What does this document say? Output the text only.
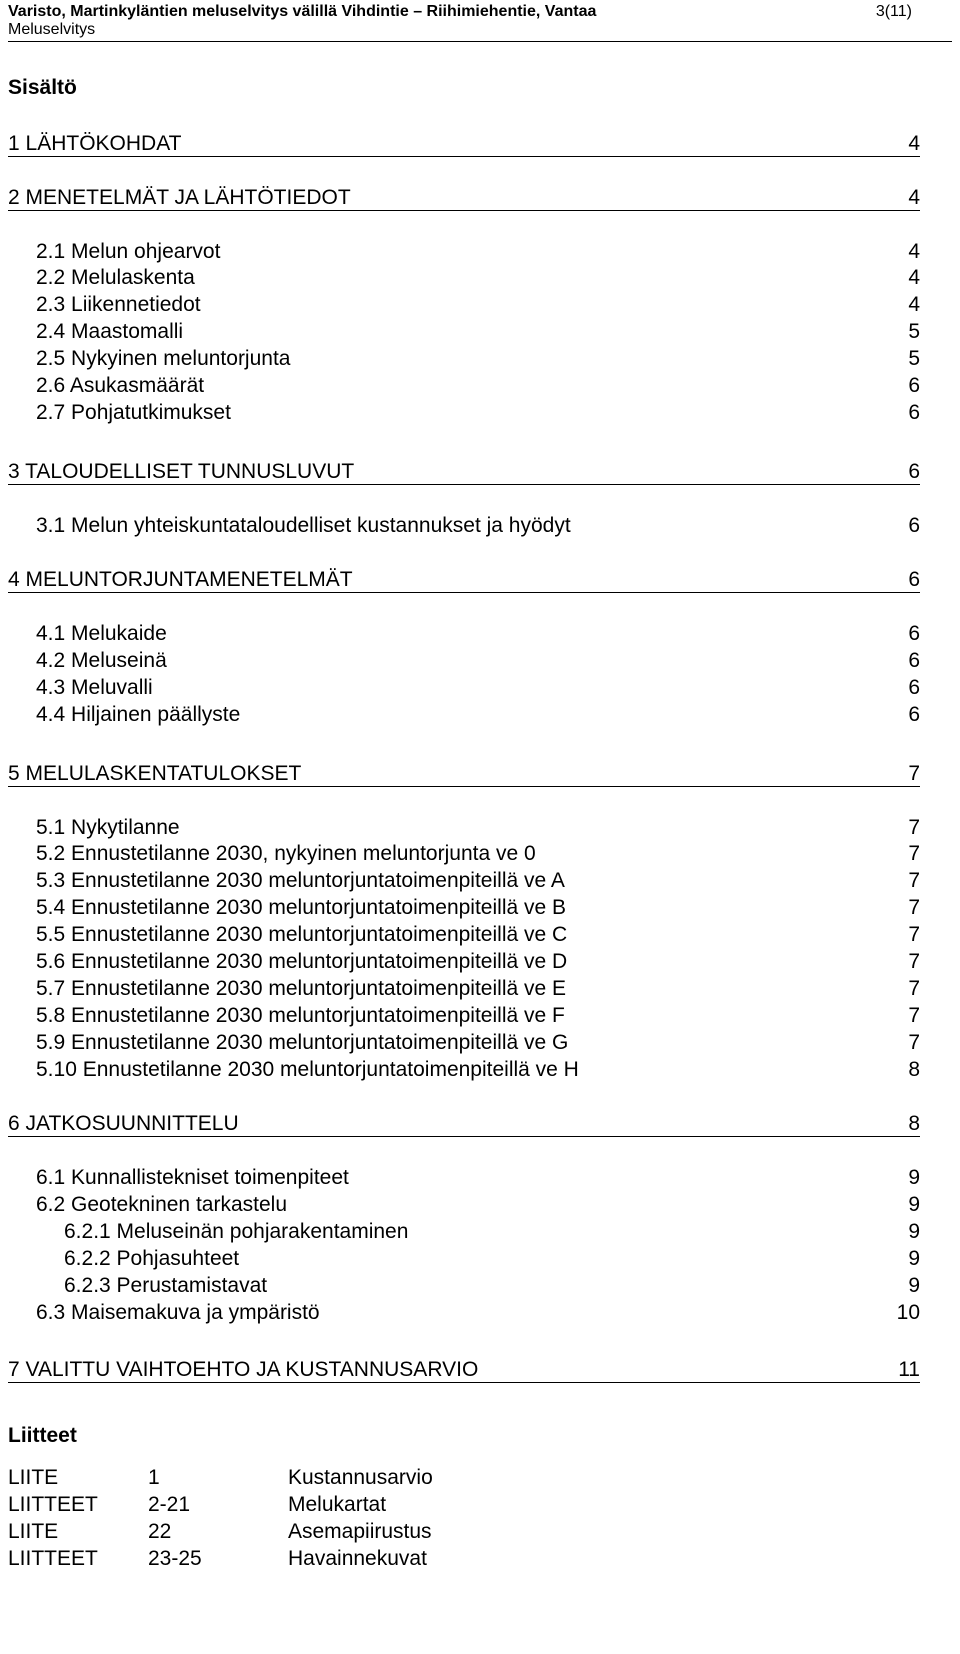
Varisto, Martinkyläntien meluselvitys välillä Vihdintie – Riihimiehentie, Vantaa	3(11)
Meluselvitys
Sisältö
1 LÄHTÖKOHDAT	4
2 MENETELMÄT JA LÄHTÖTIEDOT	4
2.1 Melun ohjearvot	4
2.2 Melulaskenta	4
2.3 Liikennetiedot	4
2.4 Maastomalli	5
2.5 Nykyinen meluntorjunta	5
2.6 Asukasmäärät	6
2.7 Pohjatutkimukset	6
3 TALOUDELLISET TUNNUSLUVUT	6
3.1 Melun yhteiskuntataloudelliset kustannukset ja hyödyt	6
4 MELUNTORJUNTAMENETELMÄT	6
4.1 Melukaide	6
4.2 Meluseinä	6
4.3 Meluvalli	6
4.4 Hiljainen päällyste	6
5 MELULASKENTATULOKSET	7
5.1 Nykytilanne	7
5.2 Ennustetilanne 2030, nykyinen meluntorjunta ve 0	7
5.3 Ennustetilanne 2030 meluntorjuntatoimenpiteillä ve A	7
5.4 Ennustetilanne 2030 meluntorjuntatoimenpiteillä ve B	7
5.5 Ennustetilanne 2030 meluntorjuntatoimenpiteillä ve C	7
5.6 Ennustetilanne 2030 meluntorjuntatoimenpiteillä ve D	7
5.7 Ennustetilanne 2030 meluntorjuntatoimenpiteillä ve E	7
5.8 Ennustetilanne 2030 meluntorjuntatoimenpiteillä ve F	7
5.9 Ennustetilanne 2030 meluntorjuntatoimenpiteillä ve G	7
5.10 Ennustetilanne 2030 meluntorjuntatoimenpiteillä ve H	8
6 JATKOSUUNNITTELU	8
6.1 Kunnallistekniset toimenpiteet	9
6.2 Geotekninen tarkastelu	9
6.2.1 Meluseinän pohjarakentaminen	9
6.2.2 Pohjasuhteet	9
6.2.3 Perustamistavat	9
6.3 Maisemakuva ja ympäristö	10
7 VALITTU VAIHTOEHTO JA KUSTANNUSARVIO	11
Liitteet
LIITE	1	Kustannusarvio
LIITTEET 2-21	Melukartat
LIITE	22	Asemapiirustus
LIITTEET 23-25	Havainnekuvat
